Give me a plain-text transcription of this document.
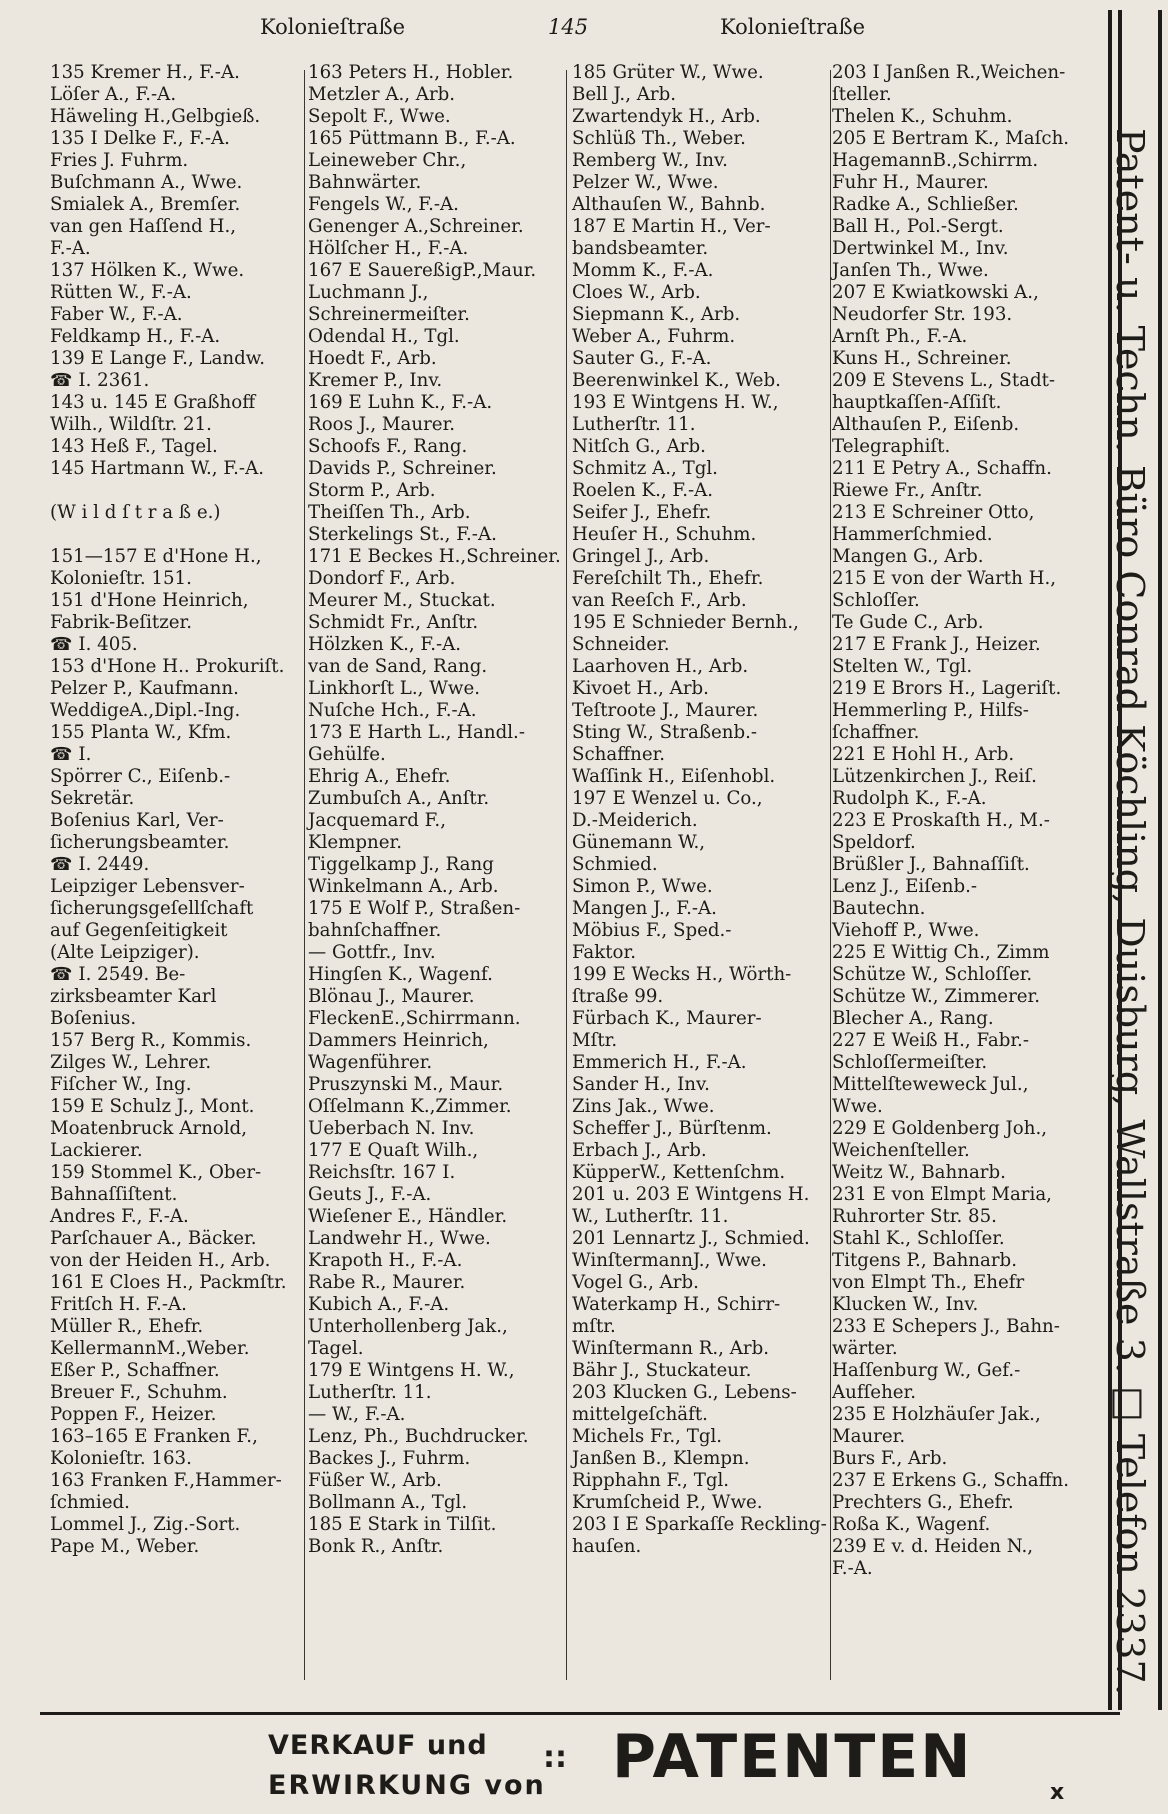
Kolonieſtraße	145	Kolonieſtraße
135 Kremer H., F.-A.
Löſer A., F.-A.
Häweling H.,Gelbgieß.
135 I Delke F., F.-A.
Fries J. Fuhrm.
Buſchmann A., Wwe.
Smialek A., Bremſer.
van gen Haſſend H.,
F.-A.
137 Hölken K., Wwe.
Rütten W., F.-A.
Faber W., F.-A.
Feldkamp H., F.-A.
139 E Lange F., Landw.
☎ I. 2361.
143 u. 145 E Graßhoff
Wilh., Wildſtr. 21.
143 Heß F., Tagel.
145 Hartmann W., F.-A.
(W i l d ſ t r a ß e.)
151—157 E d'Hone H.,
Kolonieſtr. 151.
151 d'Hone Heinrich,
Fabrik-Beſitzer.
☎ I. 405.
153 d'Hone H.. Prokuriſt.
Pelzer P., Kaufmann.
WeddigeA.,Dipl.-Ing.
155 Planta W., Kfm.
☎ I.
Spörrer C., Eiſenb.-
Sekretär.
Boſenius Karl, Ver-
ſicherungsbeamter.
☎ I. 2449.
Leipziger Lebensver-
ſicherungsgeſellſchaft
auf Gegenſeitigkeit
(Alte Leipziger).
☎ I. 2549. Be-
zirksbeamter Karl
Boſenius.
157 Berg R., Kommis.
Zilges W., Lehrer.
Fiſcher W., Ing.
159 E Schulz J., Mont.
Moatenbruck Arnold,
Lackierer.
159 Stommel K., Ober-
Bahnaſſiſtent.
Andres F., F.-A.
Parſchauer A., Bäcker.
von der Heiden H., Arb.
161 E Cloes H., Packmſtr.
Fritſch H. F.-A.
Müller R., Ehefr.
KellermannM.,Weber.
Eßer P., Schaffner.
Breuer F., Schuhm.
Poppen F., Heizer.
163–165 E Franken F.,
Kolonieſtr. 163.
163 Franken F.,Hammer-
ſchmied.
Lommel J., Zig.-Sort.
Pape M., Weber.
163 Peters H., Hobler.
Metzler A., Arb.
Sepolt F., Wwe.
165 Püttmann B., F.-A.
Leineweber Chr.,
Bahnwärter.
Fengels W., F.-A.
Genenger A.,Schreiner.
Hölſcher H., F.-A.
167 E SauereßigP.,Maur.
Luchmann J.,
Schreinermeiſter.
Odendal H., Tgl.
Hoedt F., Arb.
Kremer P., Inv.
169 E Luhn K., F.-A.
Roos J., Maurer.
Schoofs F., Rang.
Davids P., Schreiner.
Storm P., Arb.
Theiſſen Th., Arb.
Sterkelings St., F.-A.
171 E Beckes H.,Schreiner.
Dondorf F., Arb.
Meurer M., Stuckat.
Schmidt Fr., Anſtr.
Hölzken K., F.-A.
van de Sand, Rang.
Linkhorſt L., Wwe.
Nuſche Hch., F.-A.
173 E Harth L., Handl.-
Gehülfe.
Ehrig A., Ehefr.
Zumbuſch A., Anſtr.
Jacquemard F.,
Klempner.
Tiggelkamp J., Rang
Winkelmann A., Arb.
175 E Wolf P., Straßen-
bahnſchaffner.
— Gottfr., Inv.
Hingſen K., Wagenf.
Blönau J., Maurer.
FleckenE.,Schirrmann.
Dammers Heinrich,
Wagenführer.
Pruszynski M., Maur.
Oſſelmann K.,Zimmer.
Ueberbach N. Inv.
177 E Quaſt Wilh.,
Reichsſtr. 167 I.
Geuts J., F.-A.
Wieſener E., Händler.
Landwehr H., Wwe.
Krapoth H., F.-A.
Rabe R., Maurer.
Kubich A., F.-A.
Unterhollenberg Jak.,
Tagel.
179 E Wintgens H. W.,
Lutherſtr. 11.
— W., F.-A.
Lenz, Ph., Buchdrucker.
Backes J., Fuhrm.
Füßer W., Arb.
Bollmann A., Tgl.
185 E Stark in Tilſit.
Bonk R., Anſtr.
185 Grüter W., Wwe.
Bell J., Arb.
Zwartendyk H., Arb.
Schlüß Th., Weber.
Remberg W., Inv.
Pelzer W., Wwe.
Althauſen W., Bahnb.
187 E Martin H., Ver-
bandsbeamter.
Momm K., F.-A.
Cloes W., Arb.
Siepmann K., Arb.
Weber A., Fuhrm.
Sauter G., F.-A.
Beerenwinkel K., Web.
193 E Wintgens H. W.,
Lutherſtr. 11.
Nitſch G., Arb.
Schmitz A., Tgl.
Roelen K., F.-A.
Seifer J., Ehefr.
Heuſer H., Schuhm.
Gringel J., Arb.
Fereſchilt Th., Ehefr.
van Reeſch F., Arb.
195 E Schnieder Bernh.,
Schneider.
Laarhoven H., Arb.
Kivoet H., Arb.
Teſtroote J., Maurer.
Sting W., Straßenb.-
Schaffner.
Waſſink H., Eiſenhobl.
197 E Wenzel u. Co.,
D.-Meiderich.
Günemann W.,
Schmied.
Simon P., Wwe.
Mangen J., F.-A.
Möbius F., Sped.-
Faktor.
199 E Wecks H., Wörth-
ſtraße 99.
Fürbach K., Maurer-
Mſtr.
Emmerich H., F.-A.
Sander H., Inv.
Zins Jak., Wwe.
Scheffer J., Bürſtenm.
Erbach J., Arb.
KüpperW., Kettenſchm.
201 u. 203 E Wintgens H.
W., Lutherſtr. 11.
201 Lennartz J., Schmied.
WinſtermannJ., Wwe.
Vogel G., Arb.
Waterkamp H., Schirr-
mſtr.
Winſtermann R., Arb.
Bähr J., Stuckateur.
203 Klucken G., Lebens-
mittelgeſchäft.
Michels Fr., Tgl.
Janßen B., Klempn.
Ripphahn F., Tgl.
Krumſcheid P., Wwe.
203 I E Sparkaſſe Reckling-
hauſen.
203 I Janßen R.,Weichen-
ſteller.
Thelen K., Schuhm.
205 E Bertram K., Maſch.
HagemannB.,Schirrm.
Fuhr H., Maurer.
Radke A., Schließer.
Ball H., Pol.-Sergt.
Dertwinkel M., Inv.
Janſen Th., Wwe.
207 E Kwiatkowski A.,
Neudorfer Str. 193.
Arnſt Ph., F.-A.
Kuns H., Schreiner.
209 E Stevens L., Stadt-
hauptkaſſen-Aſſiſt.
Althauſen P., Eiſenb.
Telegraphiſt.
211 E Petry A., Schaffn.
Riewe Fr., Anſtr.
213 E Schreiner Otto,
Hammerſchmied.
Mangen G., Arb.
215 E von der Warth H.,
Schloſſer.
Te Gude C., Arb.
217 E Frank J., Heizer.
Stelten W., Tgl.
219 E Brors H., Lageriſt.
Hemmerling P., Hilfs-
ſchaffner.
221 E Hohl H., Arb.
Lützenkirchen J., Reiſ.
Rudolph K., F.-A.
223 E Proskaſth H., M.-
Speldorf.
Brüßler J., Bahnaſſiſt.
Lenz J., Eiſenb.-
Bautechn.
Viehoff P., Wwe.
225 E Wittig Ch., Zimm
Schütze W., Schloſſer.
Schütze W., Zimmerer.
Blecher A., Rang.
227 E Weiß H., Fabr.-
Schloſſermeiſter.
Mittelſteweweck Jul.,
Wwe.
229 E Goldenberg Joh.,
Weichenſteller.
Weitz W., Bahnarb.
231 E von Elmpt Maria,
Ruhrorter Str. 85.
Stahl K., Schloſſer.
Titgens P., Bahnarb.
von Elmpt Th., Ehefr
Klucken W., Inv.
233 E Schepers J., Bahn-
wärter.
Haſſenburg W., Gef.-
Aufſeher.
235 E Holzhäuſer Jak.,
Maurer.
Burs F., Arb.
237 E Erkens G., Schaffn.
Prechters G., Ehefr.
Roßa K., Wagenf.
239 E v. d. Heiden N.,
F.-A.	Patent- u. Techn. Büro Conrad Köchling, Duisburg, Wallstraße 3. □ Telefon 2337.
VERKAUF und
ERWIRKUNG von
:: PATENTEN
x
